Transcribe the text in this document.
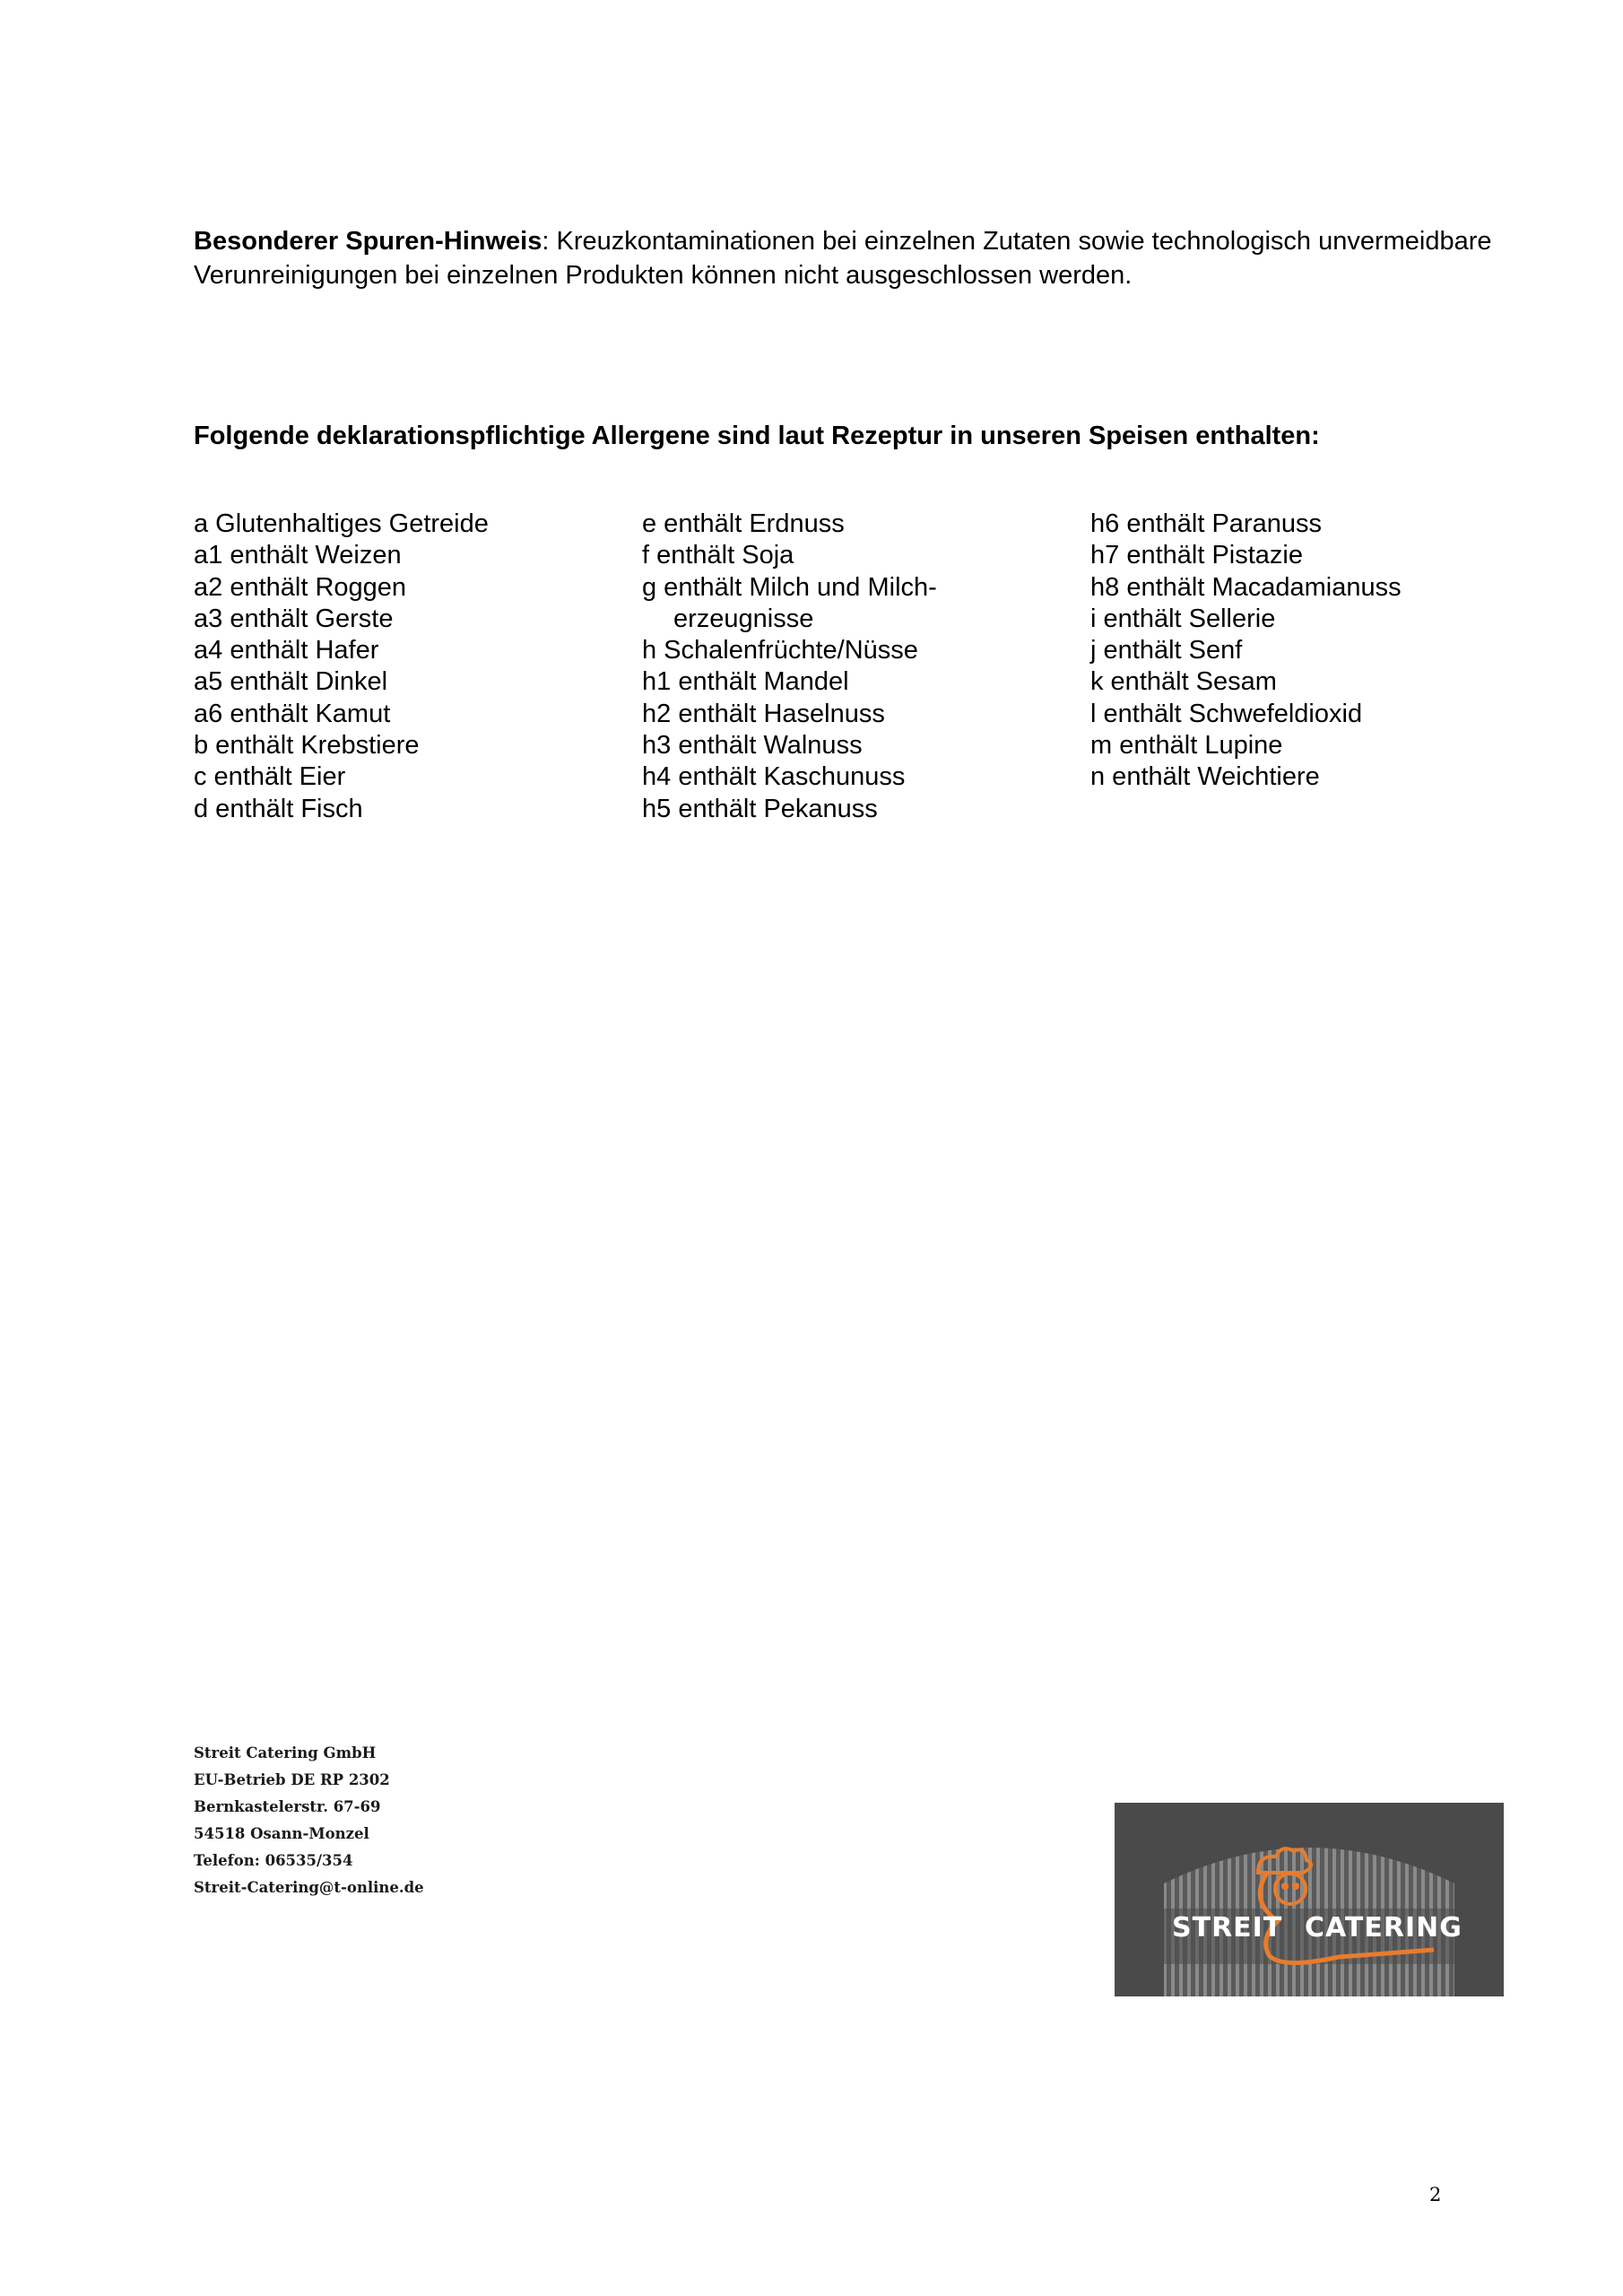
Besonderer Spuren-Hinweis: Kreuzkontaminationen bei einzelnen Zutaten sowie technologisch unvermeidbare Verunreinigungen bei einzelnen Produkten können nicht ausgeschlossen werden.
Folgende deklarationspflichtige Allergene sind laut Rezeptur in unseren Speisen enthalten:
a Glutenhaltiges Getreide
a1 enthält Weizen
a2 enthält Roggen
a3 enthält Gerste
a4 enthält Hafer
a5 enthält Dinkel
a6 enthält Kamut
b enthält Krebstiere
c enthält Eier
d enthält Fisch
e enthält Erdnuss
f enthält Soja
g enthält Milch und Milch-
erzeugnisse
h Schalenfrüchte/Nüsse
h1 enthält Mandel
h2 enthält Haselnuss
h3 enthält Walnuss
h4 enthält Kaschunuss
h5 enthält Pekanuss
h6 enthält Paranuss
h7 enthält Pistazie
h8 enthält Macadamianuss
i enthält Sellerie
j enthält Senf
k enthält Sesam
l enthält Schwefeldioxid
m enthält Lupine
n enthält Weichtiere
Streit Catering GmbH
EU-Betrieb DE RP 2302
Bernkastelerstr. 67-69
54518 Osann-Monzel
Telefon: 06535/354
Streit-Catering@t-online.de
STREIT CATERING
2
